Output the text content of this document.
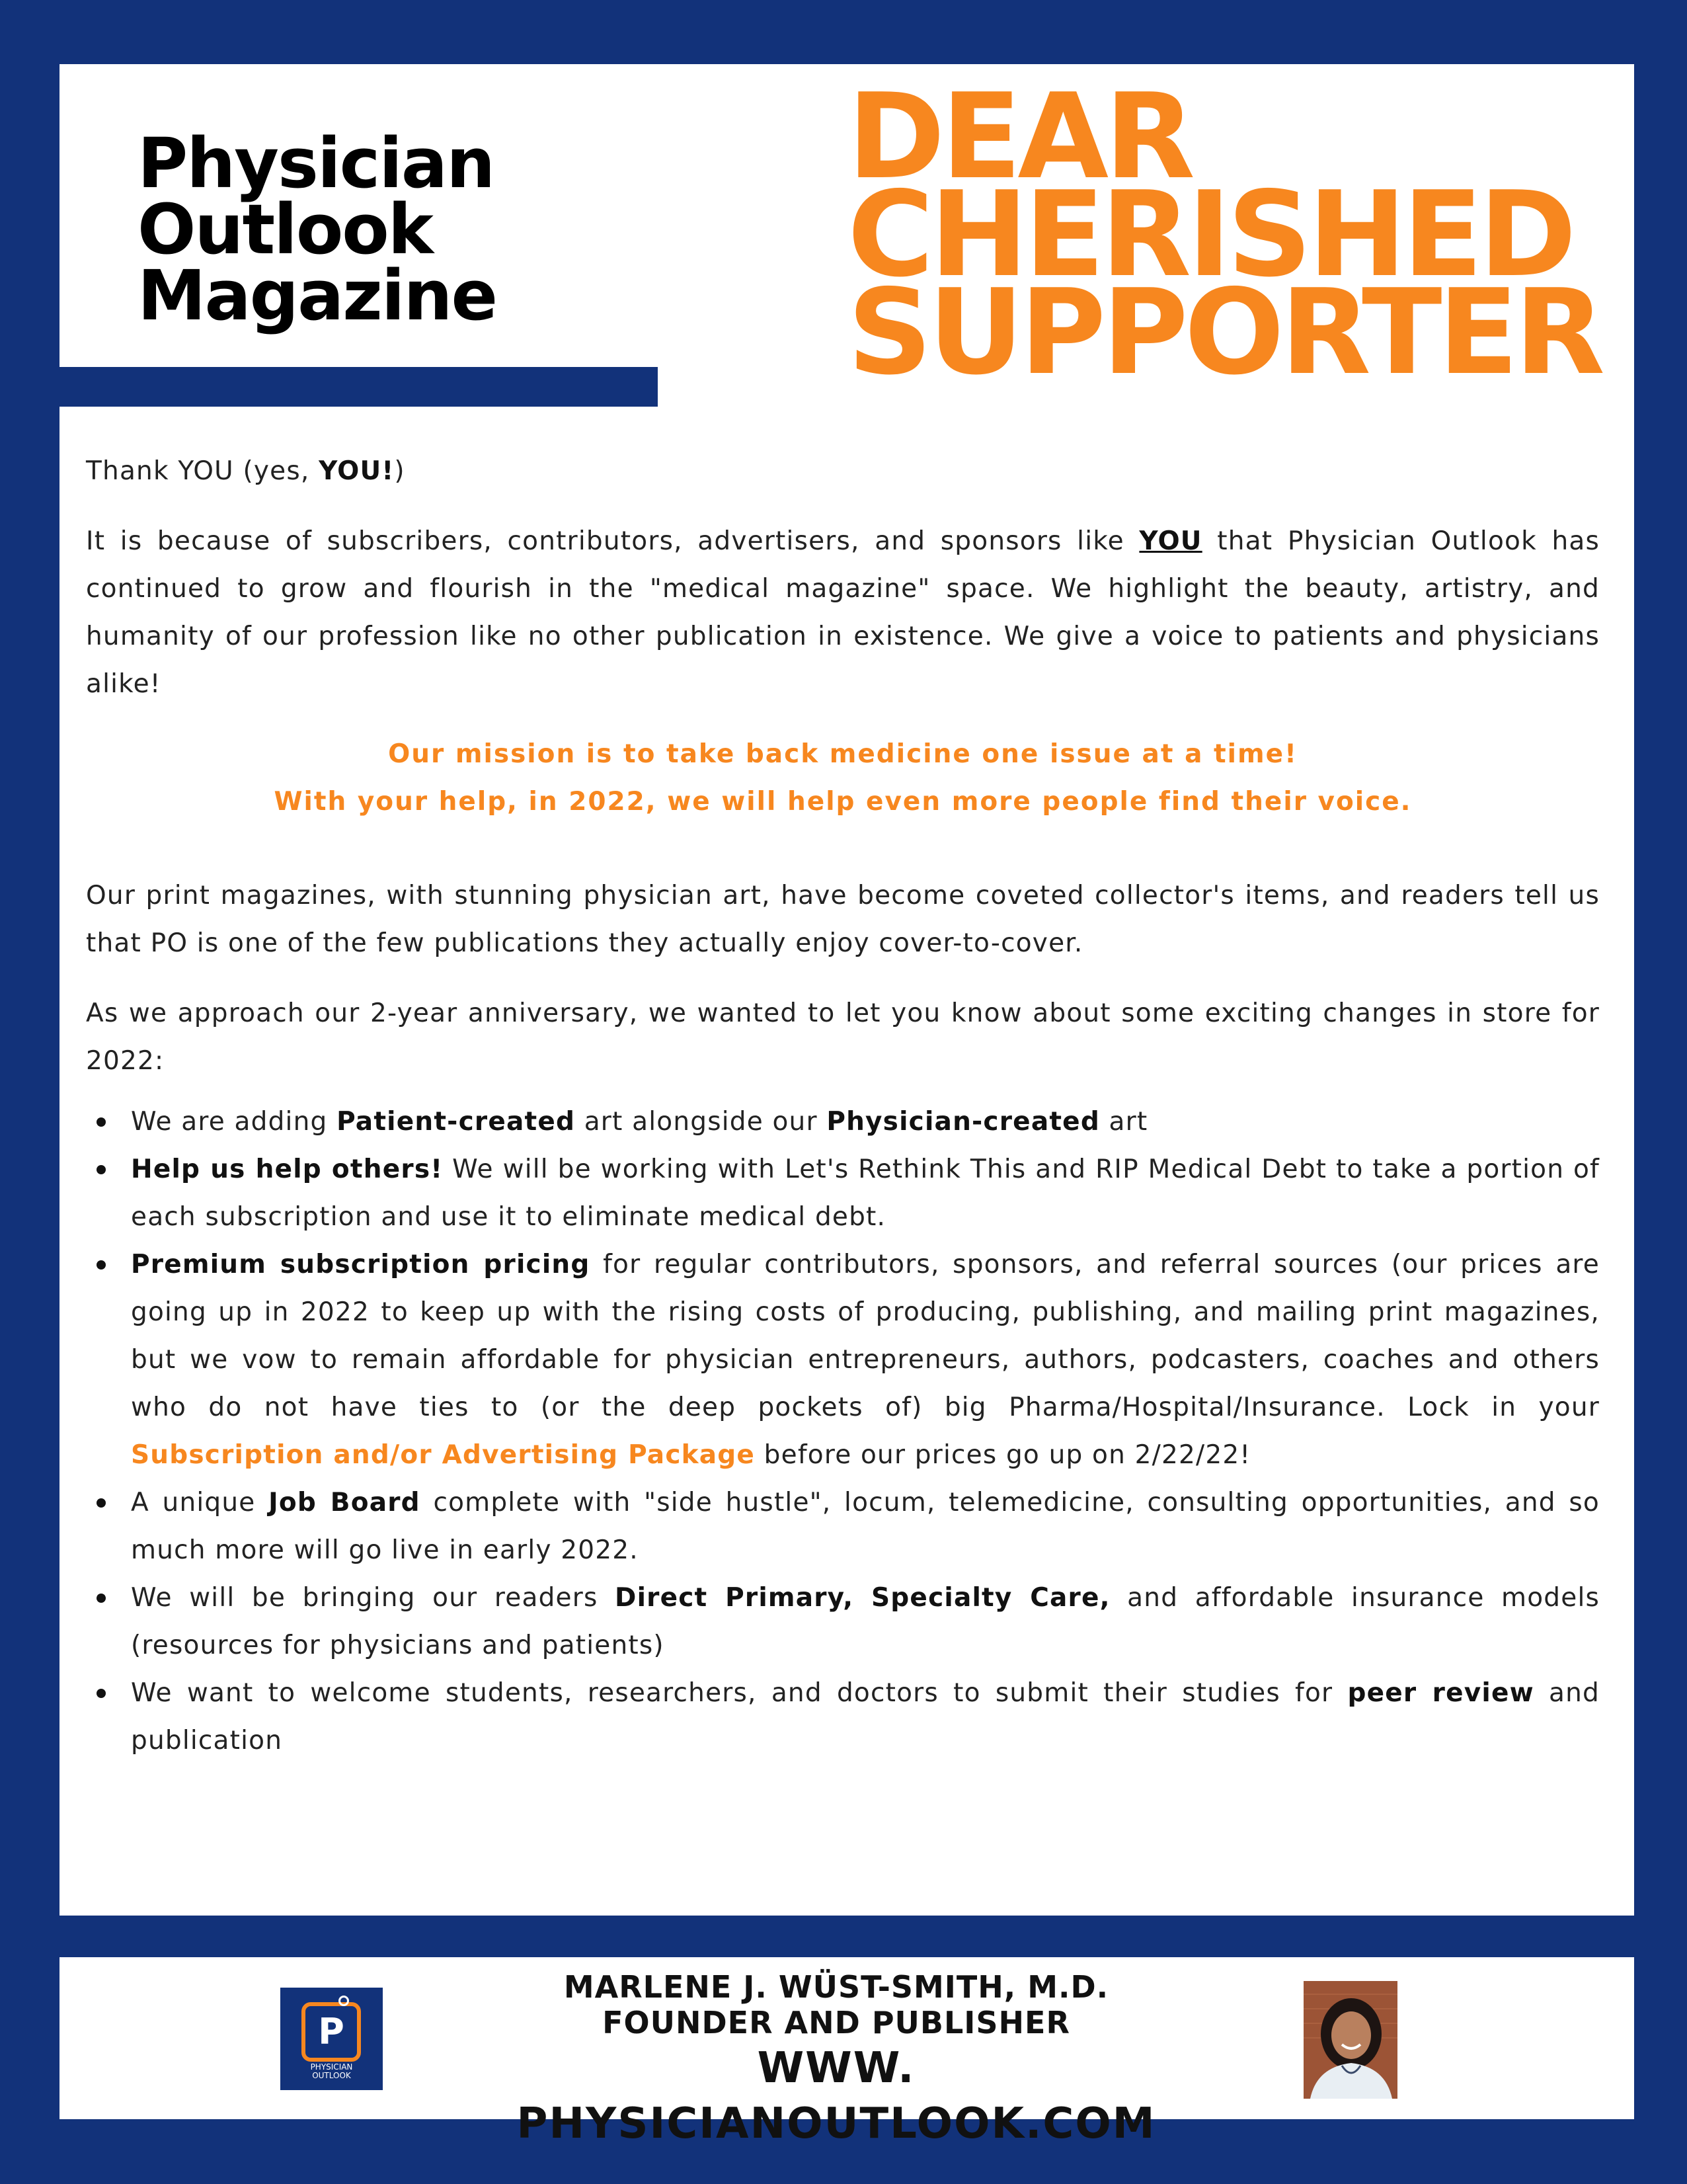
Physician
Outlook
Magazine
DEAR
CHERISHED
SUPPORTER

Thank YOU (yes, YOU!)

It is because of subscribers, contributors, advertisers, and sponsors like YOU that Physician Outlook has continued to grow and flourish in the "medical magazine" space. We highlight the beauty, artistry, and humanity of our profession like no other publication in existence. We give a voice to patients and physicians alike!

Our mission is to take back medicine one issue at a time!
With your help, in 2022, we will help even more people find their voice.

Our print magazines, with stunning physician art, have become coveted collector's items, and readers tell us that PO is one of the few publications they actually enjoy cover-to-cover.

As we approach our 2-year anniversary, we wanted to let you know about some exciting changes in store for 2022:

We are adding Patient-created art alongside our Physician-created art
Help us help others! We will be working with Let's Rethink This and RIP Medical Debt to take a portion of each subscription and use it to eliminate medical debt.
Premium subscription pricing for regular contributors, sponsors, and referral sources (our prices are going up in 2022 to keep up with the rising costs of producing, publishing, and mailing print magazines, but we vow to remain affordable for physician entrepreneurs, authors, podcasters, coaches and others who do not have ties to (or the deep pockets of) big Pharma/Hospital/Insurance. Lock in your Subscription and/or Advertising Package before our prices go up on 2/22/22!
A unique Job Board complete with "side hustle", locum, telemedicine, consulting opportunities, and so much more will go live in early 2022.
We will be bringing our readers Direct Primary, Specialty Care, and affordable insurance models (resources for physicians and patients)
We want to welcome students, researchers, and doctors to submit their studies for peer review and publication
P
PHYSICIAN
OUTLOOK
MARLENE J. WÜST-SMITH, M.D.
FOUNDER AND PUBLISHER
WWW. PHYSICIANOUTLOOK.COM
